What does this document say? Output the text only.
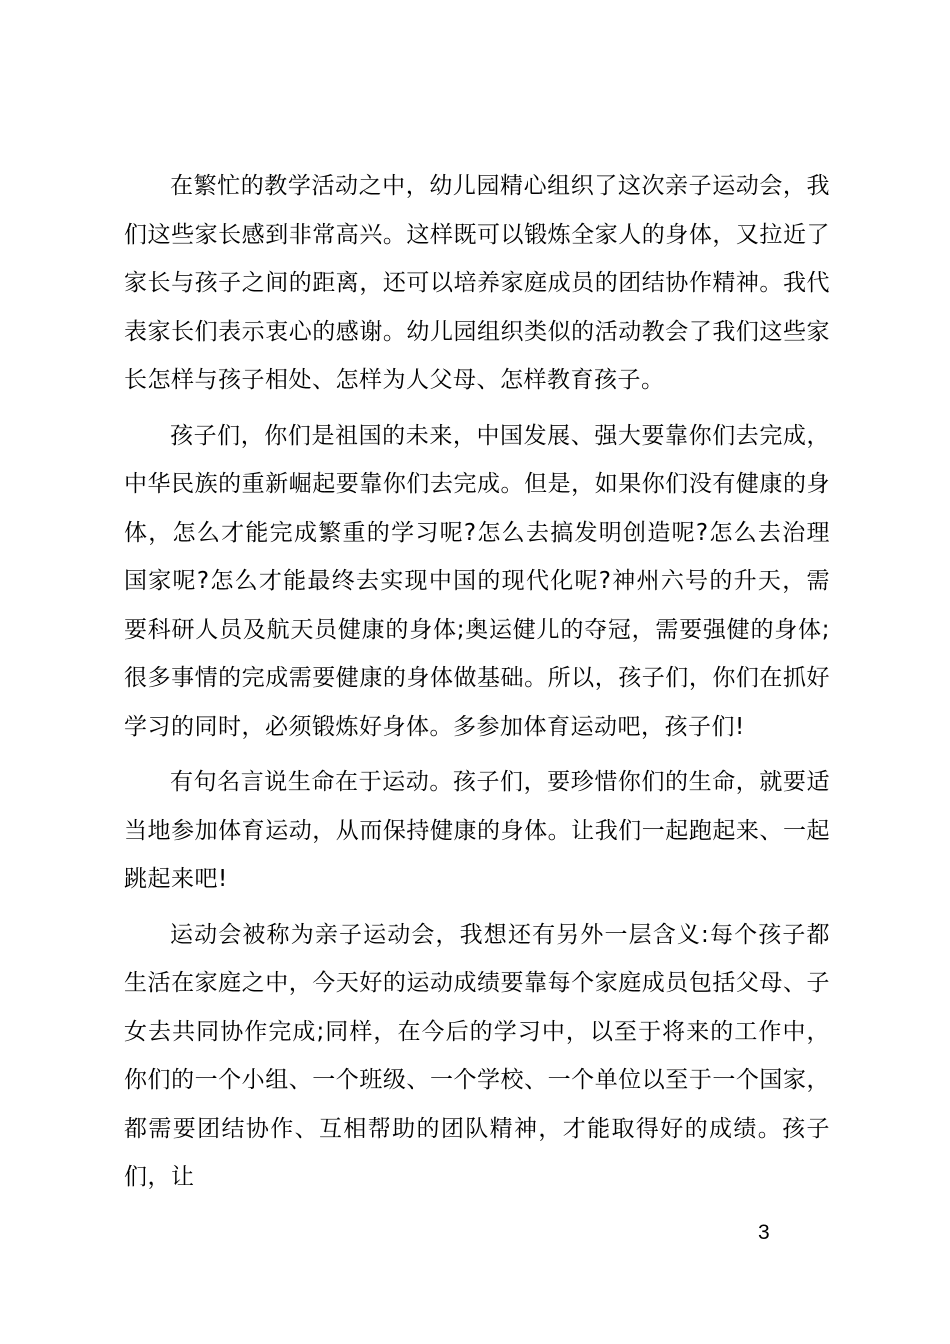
在繁忙的教学活动之中，幼儿园精心组织了这次亲子运动会，我们这些家长感到非常高兴。这样既可以锻炼全家人的身体，又拉近了家长与孩子之间的距离，还可以培养家庭成员的团结协作精神。我代表家长们表示衷心的感谢。幼儿园组织类似的活动教会了我们这些家长怎样与孩子相处、怎样为人父母、怎样教育孩子。

孩子们，你们是祖国的未来，中国发展、强大要靠你们去完成，中华民族的重新崛起要靠你们去完成。但是，如果你们没有健康的身体，怎么才能完成繁重的学习呢?怎么去搞发明创造呢?怎么去治理国家呢?怎么才能最终去实现中国的现代化呢?神州六号的升天，需要科研人员及航天员健康的身体;奥运健儿的夺冠，需要强健的身体;很多事情的完成需要健康的身体做基础。所以，孩子们，你们在抓好学习的同时，必须锻炼好身体。多参加体育运动吧，孩子们!

有句名言说生命在于运动。孩子们，要珍惜你们的生命，就要适当地参加体育运动，从而保持健康的身体。让我们一起跑起来、一起跳起来吧!

运动会被称为亲子运动会，我想还有另外一层含义:每个孩子都生活在家庭之中，今天好的运动成绩要靠每个家庭成员包括父母、子女去共同协作完成;同样，在今后的学习中，以至于将来的工作中，你们的一个小组、一个班级、一个学校、一个单位以至于一个国家，都需要团结协作、互相帮助的团队精神，才能取得好的成绩。孩子们，让

3
